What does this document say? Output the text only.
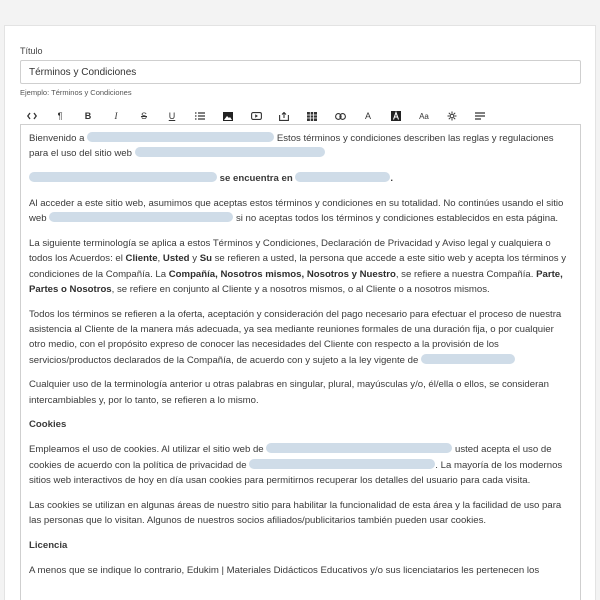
Título
Términos y Condiciones
Ejemplo: Términos y Condiciones
¶	B	I	S	U	A	Aa

Bienvenido a	Estos términos y condiciones describen las reglas y regulaciones para el uso del sitio web

se encuentra en	.

Al acceder a este sitio web, asumimos que aceptas estos términos y condiciones en su totalidad. No continúes usando el sitio web	si no aceptas todos los términos y condiciones establecidos en esta página.

La siguiente terminología se aplica a estos Términos y Condiciones, Declaración de Privacidad y Aviso legal y cualquiera o todos los Acuerdos: el Cliente, Usted y Su se refieren a usted, la persona que accede a este sitio web y acepta los términos y condiciones de la Compañía. La Compañía, Nosotros mismos, Nosotros y Nuestro, se refiere a nuestra Compañía. Parte, Partes o Nosotros, se refiere en conjunto al Cliente y a nosotros mismos, o al Cliente o a nosotros mismos.

Todos los términos se refieren a la oferta, aceptación y consideración del pago necesario para efectuar el proceso de nuestra asistencia al Cliente de la manera más adecuada, ya sea mediante reuniones formales de una duración fija, o por cualquier otro medio, con el propósito expreso de conocer las necesidades del Cliente con respecto a la provisión de los servicios/productos declarados de la Compañía, de acuerdo con y sujeto a la ley vigente de

Cualquier uso de la terminología anterior u otras palabras en singular, plural, mayúsculas y/o, él/ella o ellos, se consideran intercambiables y, por lo tanto, se refieren a lo mismo.

Cookies

Empleamos el uso de cookies. Al utilizar el sitio web de	usted acepta el uso de cookies de acuerdo con la política de privacidad de	. La mayoría de los modernos sitios web interactivos de hoy en día usan cookies para permitirnos recuperar los detalles del usuario para cada visita.

Las cookies se utilizan en algunas áreas de nuestro sitio para habilitar la funcionalidad de esta área y la facilidad de uso para las personas que lo visitan. Algunos de nuestros socios afiliados/publicitarios también pueden usar cookies.

Licencia

A menos que se indique lo contrario, Edukim | Materiales Didácticos Educativos y/o sus licenciatarios les pertenecen los
